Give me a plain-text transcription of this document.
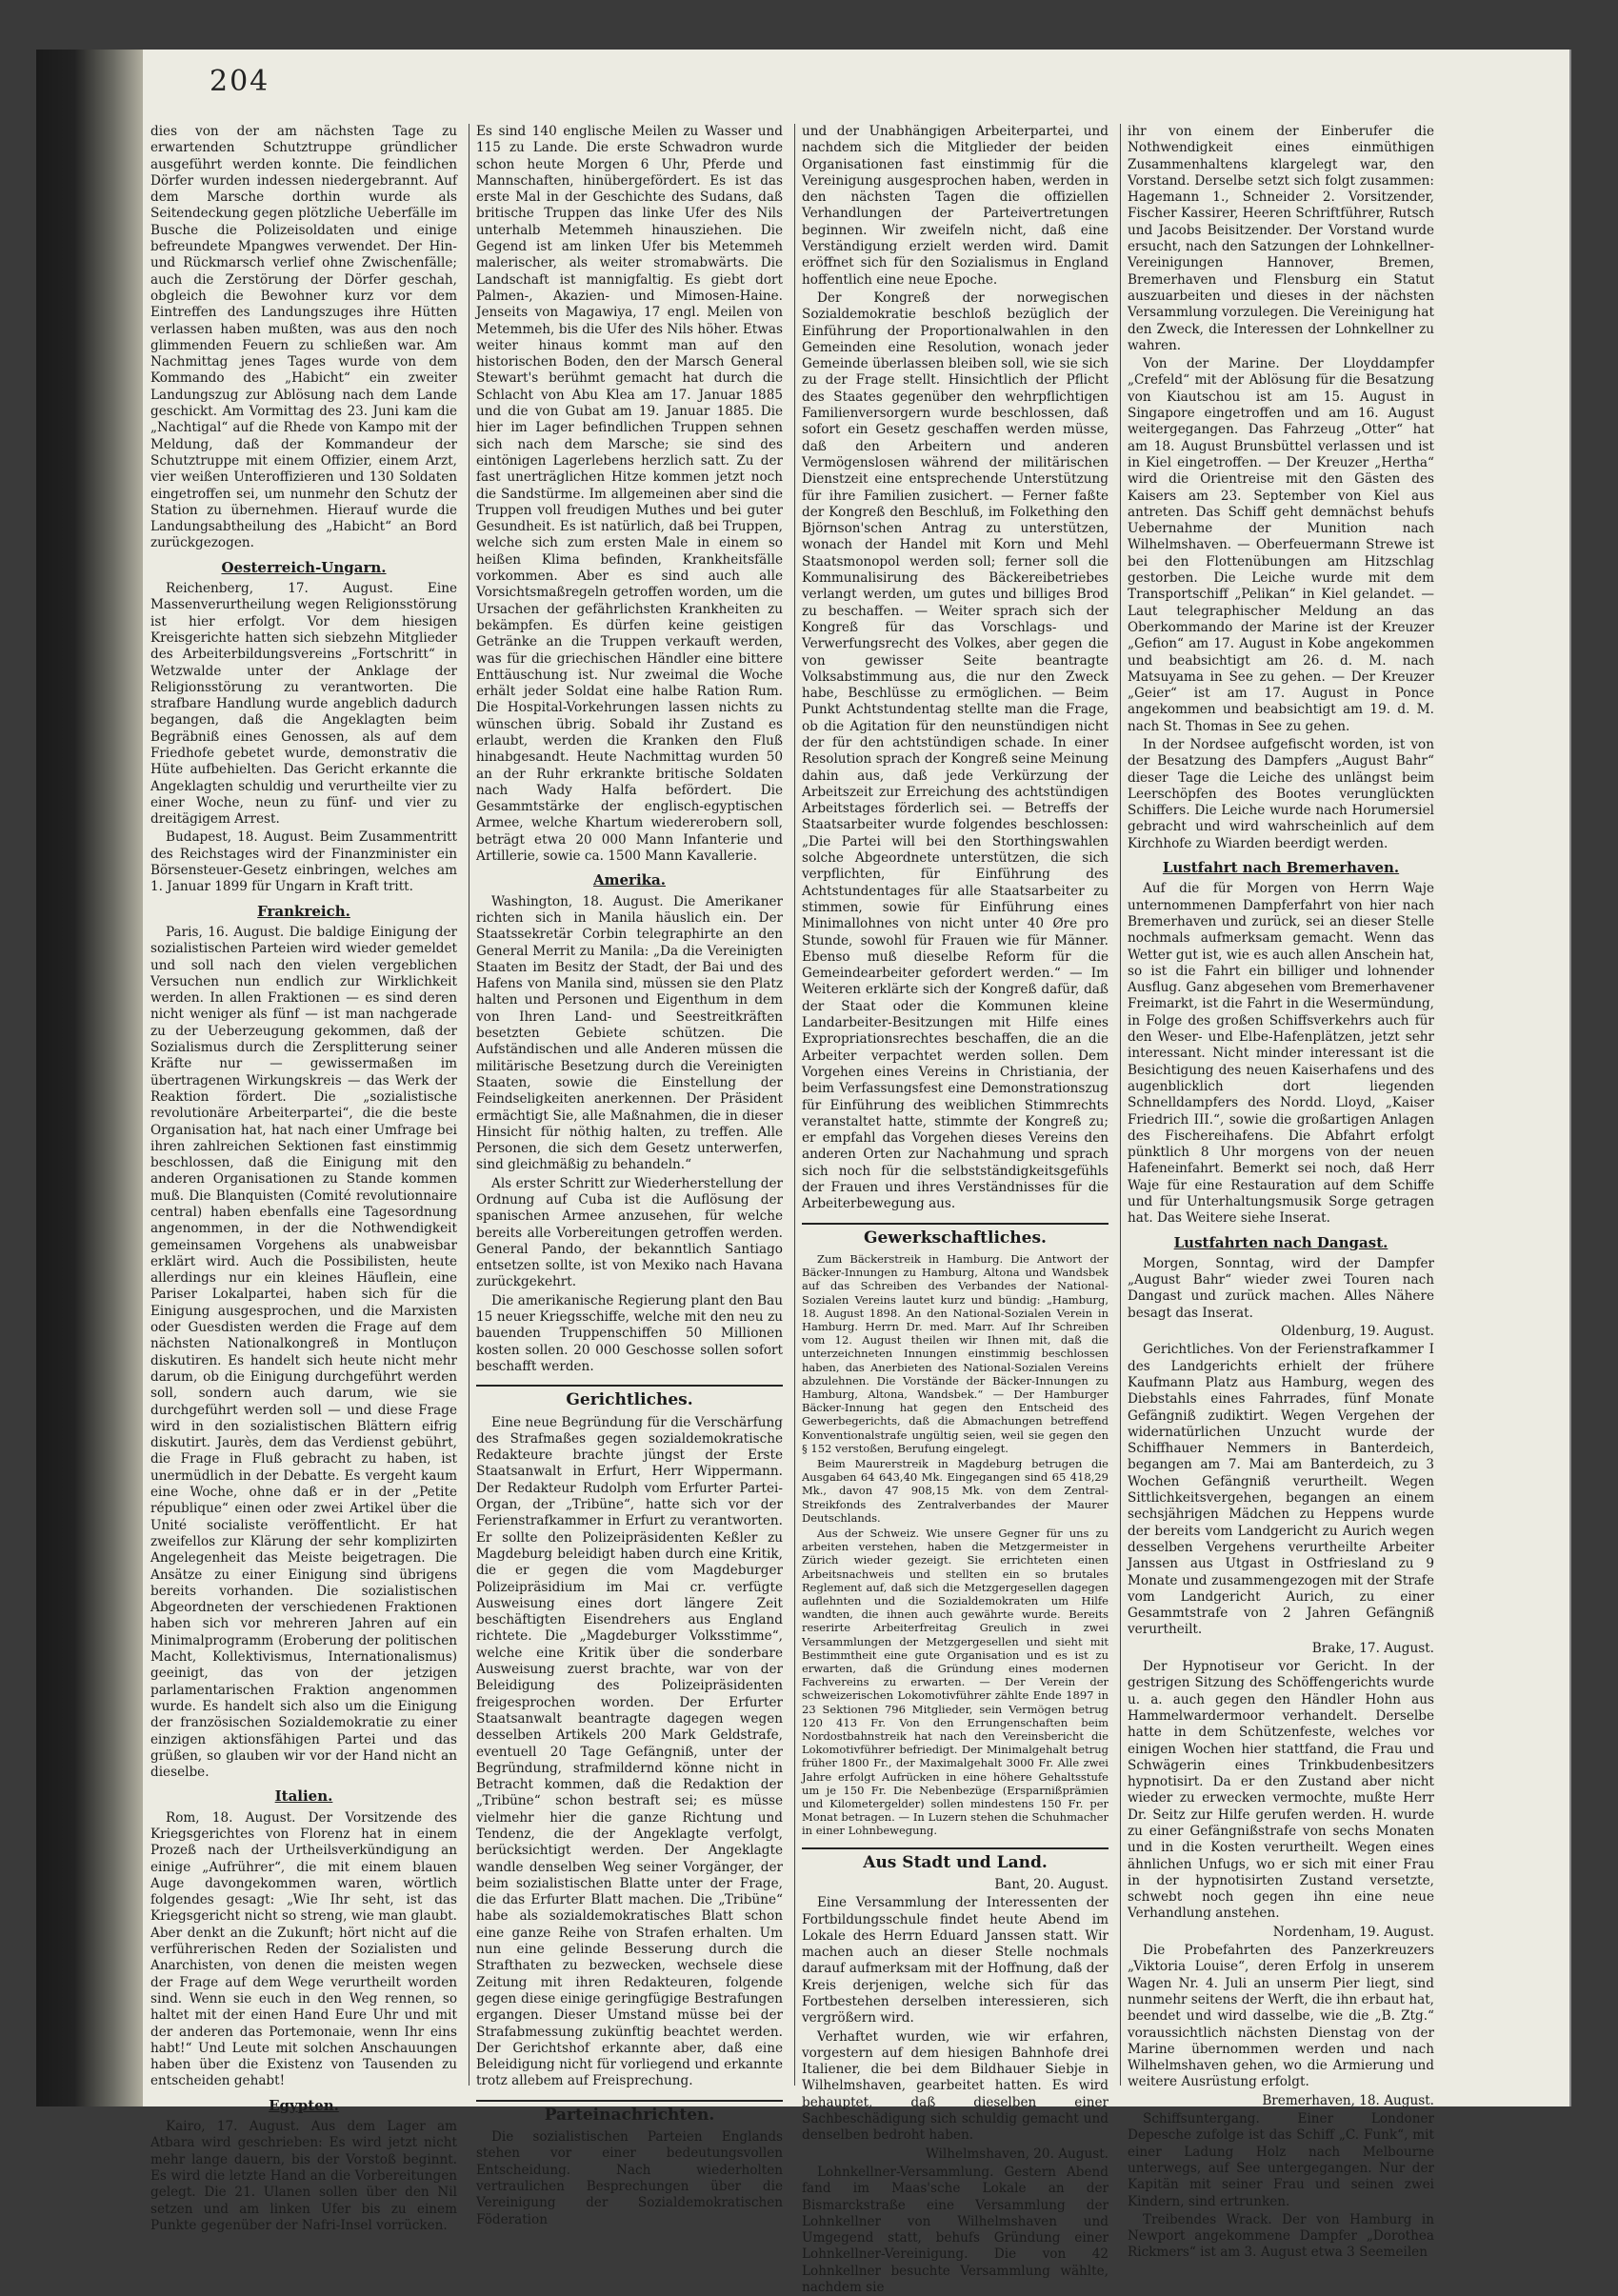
204

dies von der am nächsten Tage zu erwartenden Schutztruppe gründlicher ausgeführt werden konnte. Die feindlichen Dörfer wurden indessen niedergebrannt. Auf dem Marsche dorthin wurde als Seitendeckung gegen plötzliche Ueberfälle im Busche die Polizeisoldaten und einige befreundete Mpangwes verwendet. Der Hin- und Rückmarsch verlief ohne Zwischenfälle; auch die Zerstörung der Dörfer geschah, obgleich die Bewohner kurz vor dem Eintreffen des Landungszuges ihre Hütten verlassen haben mußten, was aus den noch glimmenden Feuern zu schließen war. Am Nachmittag jenes Tages wurde von dem Kommando des „Habicht“ ein zweiter Landungszug zur Ablösung nach dem Lande geschickt. Am Vormittag des 23. Juni kam die „Nachtigal“ auf die Rhede von Kampo mit der Meldung, daß der Kommandeur der Schutztruppe mit einem Offizier, einem Arzt, vier weißen Unteroffizieren und 130 Soldaten eingetroffen sei, um nunmehr den Schutz der Station zu übernehmen. Hierauf wurde die Landungsabtheilung des „Habicht“ an Bord zurückgezogen.

Oesterreich-Ungarn.

Reichenberg, 17. August. Eine Massenverurtheilung wegen Religionsstörung ist hier erfolgt. Vor dem hiesigen Kreisgerichte hatten sich siebzehn Mitglieder des Arbeiterbildungsvereins „Fortschritt“ in Wetzwalde unter der Anklage der Religionsstörung zu verantworten. Die strafbare Handlung wurde angeblich dadurch begangen, daß die Angeklagten beim Begräbniß eines Genossen, als auf dem Friedhofe gebetet wurde, demonstrativ die Hüte aufbehielten. Das Gericht erkannte die Angeklagten schuldig und verurtheilte vier zu einer Woche, neun zu fünf- und vier zu dreitägigem Arrest.

Budapest, 18. August. Beim Zusammentritt des Reichstages wird der Finanzminister ein Börsensteuer-Gesetz einbringen, welches am 1. Januar 1899 für Ungarn in Kraft tritt.

Frankreich.

Paris, 16. August. Die baldige Einigung der sozialistischen Parteien wird wieder gemeldet und soll nach den vielen vergeblichen Versuchen nun endlich zur Wirklichkeit werden. In allen Fraktionen — es sind deren nicht weniger als fünf — ist man nachgerade zu der Ueberzeugung gekommen, daß der Sozialismus durch die Zersplitterung seiner Kräfte nur — gewissermaßen im übertragenen Wirkungskreis — das Werk der Reaktion fördert. Die „sozialistische revolutionäre Arbeiterpartei“, die die beste Organisation hat, hat nach einer Umfrage bei ihren zahlreichen Sektionen fast einstimmig beschlossen, daß die Einigung mit den anderen Organisationen zu Stande kommen muß. Die Blanquisten (Comité revolutionnaire central) haben ebenfalls eine Tagesordnung angenommen, in der die Nothwendigkeit gemeinsamen Vorgehens als unabweisbar erklärt wird. Auch die Possibilisten, heute allerdings nur ein kleines Häuflein, eine Pariser Lokalpartei, haben sich für die Einigung ausgesprochen, und die Marxisten oder Guesdisten werden die Frage auf dem nächsten Nationalkongreß in Montluçon diskutiren. Es handelt sich heute nicht mehr darum, ob die Einigung durchgeführt werden soll, sondern auch darum, wie sie durchgeführt werden soll — und diese Frage wird in den sozialistischen Blättern eifrig diskutirt. Jaurès, dem das Verdienst gebührt, die Frage in Fluß gebracht zu haben, ist unermüdlich in der Debatte. Es vergeht kaum eine Woche, ohne daß er in der „Petite république“ einen oder zwei Artikel über die Unité socialiste veröffentlicht. Er hat zweifellos zur Klärung der sehr komplizirten Angelegenheit das Meiste beigetragen. Die Ansätze zu einer Einigung sind übrigens bereits vorhanden. Die sozialistischen Abgeordneten der verschiedenen Fraktionen haben sich vor mehreren Jahren auf ein Minimalprogramm (Eroberung der politischen Macht, Kollektivismus, Internationalismus) geeinigt, das von der jetzigen parlamentarischen Fraktion angenommen wurde. Es handelt sich also um die Einigung der französischen Sozialdemokratie zu einer einzigen aktionsfähigen Partei und das grüßen, so glauben wir vor der Hand nicht an dieselbe.

Italien.

Rom, 18. August. Der Vorsitzende des Kriegsgerichtes von Florenz hat in einem Prozeß nach der Urtheilsverkündigung an einige „Aufrührer“, die mit einem blauen Auge davongekommen waren, wörtlich folgendes gesagt: „Wie Ihr seht, ist das Kriegsgericht nicht so streng, wie man glaubt. Aber denkt an die Zukunft; hört nicht auf die verführerischen Reden der Sozialisten und Anarchisten, von denen die meisten wegen der Frage auf dem Wege verurtheilt worden sind. Wenn sie euch in den Weg rennen, so haltet mit der einen Hand Eure Uhr und mit der anderen das Portemonaie, wenn Ihr eins habt!“ Und Leute mit solchen Anschauungen haben über die Existenz von Tausenden zu entscheiden gehabt!

Egypten.

Kairo, 17. August. Aus dem Lager am Atbara wird geschrieben: Es wird jetzt nicht mehr lange dauern, bis der Vorstoß beginnt. Es wird die letzte Hand an die Vorbereitungen gelegt. Die 21. Ulanen sollen über den Nil setzen und am linken Ufer bis zu einem Punkte gegenüber der Nafri-Insel vorrücken.

Es sind 140 englische Meilen zu Wasser und 115 zu Lande. Die erste Schwadron wurde schon heute Morgen 6 Uhr, Pferde und Mannschaften, hinübergefördert. Es ist das erste Mal in der Geschichte des Sudans, daß britische Truppen das linke Ufer des Nils unterhalb Metemmeh hinausziehen. Die Gegend ist am linken Ufer bis Metemmeh malerischer, als weiter stromabwärts. Die Landschaft ist mannigfaltig. Es giebt dort Palmen-, Akazien- und Mimosen-Haine. Jenseits von Magawiya, 17 engl. Meilen von Metemmeh, bis die Ufer des Nils höher. Etwas weiter hinaus kommt man auf den historischen Boden, den der Marsch General Stewart's berühmt gemacht hat durch die Schlacht von Abu Klea am 17. Januar 1885 und die von Gubat am 19. Januar 1885. Die hier im Lager befindlichen Truppen sehnen sich nach dem Marsche; sie sind des eintönigen Lagerlebens herzlich satt. Zu der fast unerträglichen Hitze kommen jetzt noch die Sandstürme. Im allgemeinen aber sind die Truppen voll freudigen Muthes und bei guter Gesundheit. Es ist natürlich, daß bei Truppen, welche sich zum ersten Male in einem so heißen Klima befinden, Krankheitsfälle vorkommen. Aber es sind auch alle Vorsichtsmaßregeln getroffen worden, um die Ursachen der gefährlichsten Krankheiten zu bekämpfen. Es dürfen keine geistigen Getränke an die Truppen verkauft werden, was für die griechischen Händler eine bittere Enttäuschung ist. Nur zweimal die Woche erhält jeder Soldat eine halbe Ration Rum. Die Hospital-Vorkehrungen lassen nichts zu wünschen übrig. Sobald ihr Zustand es erlaubt, werden die Kranken den Fluß hinabgesandt. Heute Nachmittag wurden 50 an der Ruhr erkrankte britische Soldaten nach Wady Halfa befördert. Die Gesammtstärke der englisch-egyptischen Armee, welche Khartum wiedererobern soll, beträgt etwa 20 000 Mann Infanterie und Artillerie, sowie ca. 1500 Mann Kavallerie.

Amerika.

Washington, 18. August. Die Amerikaner richten sich in Manila häuslich ein. Der Staatssekretär Corbin telegraphirte an den General Merrit zu Manila: „Da die Vereinigten Staaten im Besitz der Stadt, der Bai und des Hafens von Manila sind, müssen sie den Platz halten und Personen und Eigenthum in dem von Ihren Land- und Seestreitkräften besetzten Gebiete schützen. Die Aufständischen und alle Anderen müssen die militärische Besetzung durch die Vereinigten Staaten, sowie die Einstellung der Feindseligkeiten anerkennen. Der Präsident ermächtigt Sie, alle Maßnahmen, die in dieser Hinsicht für nöthig halten, zu treffen. Alle Personen, die sich dem Gesetz unterwerfen, sind gleichmäßig zu behandeln.“

Als erster Schritt zur Wiederherstellung der Ordnung auf Cuba ist die Auflösung der spanischen Armee anzusehen, für welche bereits alle Vorbereitungen getroffen werden. General Pando, der bekanntlich Santiago entsetzen sollte, ist von Mexiko nach Havana zurückgekehrt.

Die amerikanische Regierung plant den Bau 15 neuer Kriegsschiffe, welche mit den neu zu bauenden Truppenschiffen 50 Millionen kosten sollen. 20 000 Geschosse sollen sofort beschafft werden.

Gerichtliches.

Eine neue Begründung für die Verschärfung des Strafmaßes gegen sozialdemokratische Redakteure brachte jüngst der Erste Staatsanwalt in Erfurt, Herr Wippermann. Der Redakteur Rudolph vom Erfurter Partei-Organ, der „Tribüne“, hatte sich vor der Ferienstrafkammer in Erfurt zu verantworten. Er sollte den Polizeipräsidenten Keßler zu Magdeburg beleidigt haben durch eine Kritik, die er gegen die vom Magdeburger Polizeipräsidium im Mai cr. verfügte Ausweisung eines dort längere Zeit beschäftigten Eisendrehers aus England richtete. Die „Magdeburger Volksstimme“, welche eine Kritik über die sonderbare Ausweisung zuerst brachte, war von der Beleidigung des Polizeipräsidenten freigesprochen worden. Der Erfurter Staatsanwalt beantragte dagegen wegen desselben Artikels 200 Mark Geldstrafe, eventuell 20 Tage Gefängniß, unter der Begründung, strafmildernd könne nicht in Betracht kommen, daß die Redaktion der „Tribüne“ schon bestraft sei; es müsse vielmehr hier die ganze Richtung und Tendenz, die der Angeklagte verfolgt, berücksichtigt werden. Der Angeklagte wandle denselben Weg seiner Vorgänger, der beim sozialistischen Blatte unter der Frage, die das Erfurter Blatt machen. Die „Tribüne“ habe als sozialdemokratisches Blatt schon eine ganze Reihe von Strafen erhalten. Um nun eine gelinde Besserung durch die Strafthaten zu bezwecken, wechsele diese Zeitung mit ihren Redakteuren, folgende gegen diese einige geringfügige Bestrafungen ergangen. Dieser Umstand müsse bei der Strafabmessung zukünftig beachtet werden. Der Gerichtshof erkannte aber, daß eine Beleidigung nicht für vorliegend und erkannte trotz allebem auf Freisprechung.

Parteinachrichten.

Die sozialistischen Parteien Englands stehen vor einer bedeutungsvollen Entscheidung. Nach wiederholten vertraulichen Besprechungen über die Vereinigung der Sozialdemokratischen Föderation

und der Unabhängigen Arbeiterpartei, und nachdem sich die Mitglieder der beiden Organisationen fast einstimmig für die Vereinigung ausgesprochen haben, werden in den nächsten Tagen die offiziellen Verhandlungen der Parteivertretungen beginnen. Wir zweifeln nicht, daß eine Verständigung erzielt werden wird. Damit eröffnet sich für den Sozialismus in England hoffentlich eine neue Epoche.

Der Kongreß der norwegischen Sozialdemokratie beschloß bezüglich der Einführung der Proportionalwahlen in den Gemeinden eine Resolution, wonach jeder Gemeinde überlassen bleiben soll, wie sie sich zu der Frage stellt. Hinsichtlich der Pflicht des Staates gegenüber den wehrpflichtigen Familienversorgern wurde beschlossen, daß sofort ein Gesetz geschaffen werden müsse, daß den Arbeitern und anderen Vermögenslosen während der militärischen Dienstzeit eine entsprechende Unterstützung für ihre Familien zusichert. — Ferner faßte der Kongreß den Beschluß, im Folkething den Björnson'schen Antrag zu unterstützen, wonach der Handel mit Korn und Mehl Staatsmonopol werden soll; ferner soll die Kommunalisirung des Bäckereibetriebes verlangt werden, um gutes und billiges Brod zu beschaffen. — Weiter sprach sich der Kongreß für das Vorschlags- und Verwerfungsrecht des Volkes, aber gegen die von gewisser Seite beantragte Volksabstimmung aus, die nur den Zweck habe, Beschlüsse zu ermöglichen. — Beim Punkt Achtstundentag stellte man die Frage, ob die Agitation für den neunstündigen nicht der für den achtstündigen schade. In einer Resolution sprach der Kongreß seine Meinung dahin aus, daß jede Verkürzung der Arbeitszeit zur Erreichung des achtstündigen Arbeitstages förderlich sei. — Betreffs der Staatsarbeiter wurde folgendes beschlossen: „Die Partei will bei den Storthingswahlen solche Abgeordnete unterstützen, die sich verpflichten, für Einführung des Achtstundentages für alle Staatsarbeiter zu stimmen, sowie für Einführung eines Minimallohnes von nicht unter 40 Øre pro Stunde, sowohl für Frauen wie für Männer. Ebenso muß dieselbe Reform für die Gemeindearbeiter gefordert werden.“ — Im Weiteren erklärte sich der Kongreß dafür, daß der Staat oder die Kommunen kleine Landarbeiter-Besitzungen mit Hilfe eines Expropriationsrechtes beschaffen, die an die Arbeiter verpachtet werden sollen. Dem Vorgehen eines Vereins in Christiania, der beim Verfassungsfest eine Demonstrationszug für Einführung des weiblichen Stimmrechts veranstaltet hatte, stimmte der Kongreß zu; er empfahl das Vorgehen dieses Vereins den anderen Orten zur Nachahmung und sprach sich noch für die selbstständigkeitsgefühls der Frauen und ihres Verständnisses für die Arbeiterbewegung aus.

Gewerkschaftliches.

Zum Bäckerstreik in Hamburg. Die Antwort der Bäcker-Innungen zu Hamburg, Altona und Wandsbek auf das Schreiben des Verbandes der National-Sozialen Vereins lautet kurz und bündig: „Hamburg, 18. August 1898. An den National-Sozialen Verein in Hamburg. Herrn Dr. med. Marr. Auf Ihr Schreiben vom 12. August theilen wir Ihnen mit, daß die unterzeichneten Innungen einstimmig beschlossen haben, das Anerbieten des National-Sozialen Vereins abzulehnen. Die Vorstände der Bäcker-Innungen zu Hamburg, Altona, Wandsbek.“ — Der Hamburger Bäcker-Innung hat gegen den Entscheid des Gewerbegerichts, daß die Abmachungen betreffend Konventionalstrafe ungültig seien, weil sie gegen den § 152 verstoßen, Berufung eingelegt.

Beim Maurerstreik in Magdeburg betrugen die Ausgaben 64 643,40 Mk. Eingegangen sind 65 418,29 Mk., davon 47 908,15 Mk. von dem Zentral-Streikfonds des Zentralverbandes der Maurer Deutschlands.

Aus der Schweiz. Wie unsere Gegner für uns zu arbeiten verstehen, haben die Metzgermeister in Zürich wieder gezeigt. Sie errichteten einen Arbeitsnachweis und stellten ein so brutales Reglement auf, daß sich die Metzgergesellen dagegen auflehnten und die Sozialdemokraten um Hilfe wandten, die ihnen auch gewährte wurde. Bereits reserirte Arbeiterfreitag Greulich in zwei Versammlungen der Metzgergesellen und sieht mit Bestimmtheit eine gute Organisation und es ist zu erwarten, daß die Gründung eines modernen Fachvereins zu erwarten. — Der Verein der schweizerischen Lokomotivführer zählte Ende 1897 in 23 Sektionen 796 Mitglieder, sein Vermögen betrug 120 413 Fr. Von den Errungenschaften beim Nordostbahnstreik hat nach den Vereinsbericht die Lokomotivführer befriedigt. Der Minimalgehalt betrug früher 1800 Fr., der Maximalgehalt 3000 Fr. Alle zwei Jahre erfolgt Aufrücken in eine höhere Gehaltsstufe um je 150 Fr. Die Nebenbezüge (Ersparnißprämien und Kilometergelder) sollen mindestens 150 Fr. per Monat betragen. — In Luzern stehen die Schuhmacher in einer Lohnbewegung.

Aus Stadt und Land.

Bant, 20. August.

Eine Versammlung der Interessenten der Fortbildungsschule findet heute Abend im Lokale des Herrn Eduard Janssen statt. Wir machen auch an dieser Stelle nochmals darauf aufmerksam mit der Hoffnung, daß der Kreis derjenigen, welche sich für das Fortbestehen derselben interessieren, sich vergrößern wird.

Verhaftet wurden, wie wir erfahren, vorgestern auf dem hiesigen Bahnhofe drei Italiener, die bei dem Bildhauer Siebje in Wilhelmshaven, gearbeitet hatten. Es wird behauptet, daß dieselben einer Sachbeschädigung sich schuldig gemacht und denselben bedroht haben.

Wilhelmshaven, 20. August.

Lohnkellner-Versammlung. Gestern Abend fand im Maas'sche Lokale an der Bismarckstraße eine Versammlung der Lohnkellner von Wilhelmshaven und Umgegend statt, behufs Gründung einer Lohnkellner-Vereinigung. Die von 42 Lohnkellner besuchte Versammlung wählte, nachdem sie

ihr von einem der Einberufer die Nothwendigkeit eines einmüthigen Zusammenhaltens klargelegt war, den Vorstand. Derselbe setzt sich folgt zusammen: Hagemann 1., Schneider 2. Vorsitzender, Fischer Kassirer, Heeren Schriftführer, Rutsch und Jacobs Beisitzender. Der Vorstand wurde ersucht, nach den Satzungen der Lohnkellner-Vereinigungen Hannover, Bremen, Bremerhaven und Flensburg ein Statut auszuarbeiten und dieses in der nächsten Versammlung vorzulegen. Die Vereinigung hat den Zweck, die Interessen der Lohnkellner zu wahren.

Von der Marine. Der Lloyddampfer „Crefeld“ mit der Ablösung für die Besatzung von Kiautschou ist am 15. August in Singapore eingetroffen und am 16. August weitergegangen. Das Fahrzeug „Otter“ hat am 18. August Brunsbüttel verlassen und ist in Kiel eingetroffen. — Der Kreuzer „Hertha“ wird die Orientreise mit den Gästen des Kaisers am 23. September von Kiel aus antreten. Das Schiff geht demnächst behufs Uebernahme der Munition nach Wilhelmshaven. — Oberfeuermann Strewe ist bei den Flottenübungen am Hitzschlag gestorben. Die Leiche wurde mit dem Transportschiff „Pelikan“ in Kiel gelandet. — Laut telegraphischer Meldung an das Oberkommando der Marine ist der Kreuzer „Gefion“ am 17. August in Kobe angekommen und beabsichtigt am 26. d. M. nach Matsuyama in See zu gehen. — Der Kreuzer „Geier“ ist am 17. August in Ponce angekommen und beabsichtigt am 19. d. M. nach St. Thomas in See zu gehen.

In der Nordsee aufgefischt worden, ist von der Besatzung des Dampfers „August Bahr“ dieser Tage die Leiche des unlängst beim Leerschöpfen des Bootes verunglückten Schiffers. Die Leiche wurde nach Horumersiel gebracht und wird wahrscheinlich auf dem Kirchhofe zu Wiarden beerdigt werden.

Lustfahrt nach Bremerhaven.

Auf die für Morgen von Herrn Waje unternommenen Dampferfahrt von hier nach Bremerhaven und zurück, sei an dieser Stelle nochmals aufmerksam gemacht. Wenn das Wetter gut ist, wie es auch allen Anschein hat, so ist die Fahrt ein billiger und lohnender Ausflug. Ganz abgesehen vom Bremerhavener Freimarkt, ist die Fahrt in die Wesermündung, in Folge des großen Schiffsverkehrs auch für den Weser- und Elbe-Hafenplätzen, jetzt sehr interessant. Nicht minder interessant ist die Besichtigung des neuen Kaiserhafens und des augenblicklich dort liegenden Schnelldampfers des Nordd. Lloyd, „Kaiser Friedrich III.“, sowie die großartigen Anlagen des Fischereihafens. Die Abfahrt erfolgt pünktlich 8 Uhr morgens von der neuen Hafeneinfahrt. Bemerkt sei noch, daß Herr Waje für eine Restauration auf dem Schiffe und für Unterhaltungsmusik Sorge getragen hat. Das Weitere siehe Inserat.

Lustfahrten nach Dangast.

Morgen, Sonntag, wird der Dampfer „August Bahr“ wieder zwei Touren nach Dangast und zurück machen. Alles Nähere besagt das Inserat.

Oldenburg, 19. August.

Gerichtliches. Von der Ferienstrafkammer I des Landgerichts erhielt der frühere Kaufmann Platz aus Hamburg, wegen des Diebstahls eines Fahrrades, fünf Monate Gefängniß zudiktirt. Wegen Vergehen der widernatürlichen Unzucht wurde der Schiffhauer Nemmers in Banterdeich, begangen am 7. Mai am Banterdeich, zu 3 Wochen Gefängniß verurtheilt. Wegen Sittlichkeitsvergehen, begangen an einem sechsjährigen Mädchen zu Heppens wurde der bereits vom Landgericht zu Aurich wegen desselben Vergehens verurtheilte Arbeiter Janssen aus Utgast in Ostfriesland zu 9 Monate und zusammengezogen mit der Strafe vom Landgericht Aurich, zu einer Gesammtstrafe von 2 Jahren Gefängniß verurtheilt.

Brake, 17. August.

Der Hypnotiseur vor Gericht. In der gestrigen Sitzung des Schöffengerichts wurde u. a. auch gegen den Händler Hohn aus Hammelwardermoor verhandelt. Derselbe hatte in dem Schützenfeste, welches vor einigen Wochen hier stattfand, die Frau und Schwägerin eines Trinkbudenbesitzers hypnotisirt. Da er den Zustand aber nicht wieder zu erwecken vermochte, mußte Herr Dr. Seitz zur Hilfe gerufen werden. H. wurde zu einer Gefängnißstrafe von sechs Monaten und in die Kosten verurtheilt. Wegen eines ähnlichen Unfugs, wo er sich mit einer Frau in der hypnotisirten Zustand versetzte, schwebt noch gegen ihn eine neue Verhandlung anstehen.

Nordenham, 19. August.

Die Probefahrten des Panzerkreuzers „Viktoria Louise“, deren Erfolg in unserem Wagen Nr. 4. Juli an unserm Pier liegt, sind nunmehr seitens der Werft, die ihn erbaut hat, beendet und wird dasselbe, wie die „B. Ztg.“ voraussichtlich nächsten Dienstag von der Marine übernommen werden und nach Wilhelmshaven gehen, wo die Armierung und weitere Ausrüstung erfolgt.

Bremerhaven, 18. August.

Schiffsuntergang. Einer Londoner Depesche zufolge ist das Schiff „C. Funk“, mit einer Ladung Holz nach Melbourne unterwegs, auf See untergegangen. Nur der Kapitän mit seiner Frau und seinen zwei Kindern, sind ertrunken.

Treibendes Wrack. Der von Hamburg in Newport angekommene Dampfer „Dorothea Rickmers“ ist am 3. August etwa 3 Seemeilen
